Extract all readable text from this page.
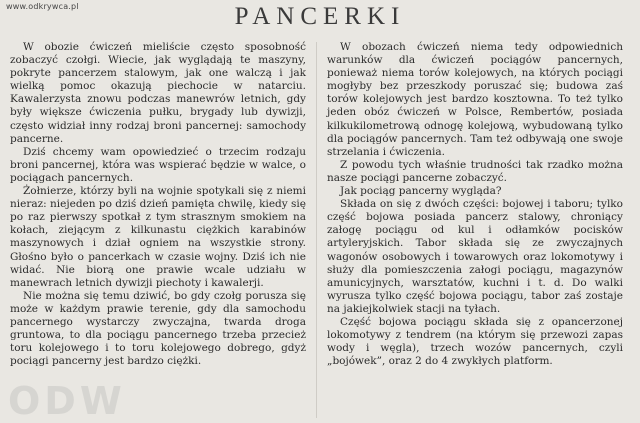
www.odkrywca.pl	PANCERKI

W obozie ćwiczeń mieliście często sposobność zobaczyć czołgi. Wiecie, jak wyglądają te maszyny, pokryte pancerzem stalowym, jak one walczą i jak wielką pomoc okazują piechocie w natarciu. Kawalerzysta znowu podczas manewrów letnich, gdy były większe ćwiczenia pułku, brygady lub dywizji, często widział inny rodzaj broni pancernej: samochody pancerne.

Dziś chcemy wam opowiedzieć o trzecim rodzaju broni pancernej, która was wspierać będzie w walce, o pociągach pancernych.

Żołnierze, którzy byli na wojnie spotykali się z niemi nieraz: niejeden po dziś dzień pamięta chwilę, kiedy się po raz pierwszy spotkał z tym strasznym smokiem na kołach, ziejącym z kilkunastu ciężkich karabinów maszynowych i dział ogniem na wszystkie strony. Głośno było o pancerkach w czasie wojny. Dziś ich nie widać. Nie biorą one prawie wcale udziału w manewrach letnich dywizji piechoty i kawalerji.

Nie można się temu dziwić, bo gdy czołg porusza się może w każdym prawie terenie, gdy dla samochodu pancernego wystarczy zwyczajna, twarda droga gruntowa, to dla pociągu pancernego trzeba przecież toru kolejowego i to toru kolejowego dobrego, gdyż pociągi pancerny jest bardzo ciężki.

W obozach ćwiczeń niema tedy odpowiednich warunków dla ćwiczeń pociągów pancernych, ponieważ niema torów kolejowych, na których pociągi mogłyby bez przeszkody poruszać się; budowa zaś torów kolejowych jest bardzo kosztowna. To też tylko jeden obóz ćwiczeń w Polsce, Rembertów, posiada kilkukilometrową odnogę kolejową, wybudowaną tylko dla pociągów pancernych. Tam też odbywają one swoje strzelania i ćwiczenia.

Z powodu tych właśnie trudności tak rzadko można nasze pociągi pancerne zobaczyć.

Jak pociąg pancerny wygląda?

Składa on się z dwóch części: bojowej i taboru; tylko część bojowa posiada pancerz stalowy, chroniący załogę pociągu od kul i odłamków pocisków artyleryjskich. Tabor składa się ze zwyczajnych wagonów osobowych i towarowych oraz lokomotywy i służy dla pomieszczenia załogi pociągu, magazynów amunicyjnych, warsztatów, kuchni i t. d. Do walki wyrusza tylko część bojowa pociągu, tabor zaś zostaje na jakiejkolwiek stacji na tyłach.

Część bojowa pociągu składa się z opancerzonej lokomotywy z tendrem (na którym się przewozi zapas wody i węgla), trzech wozów pancernych, czyli „bojówek”, oraz 2 do 4 zwykłych platform.

ODW
